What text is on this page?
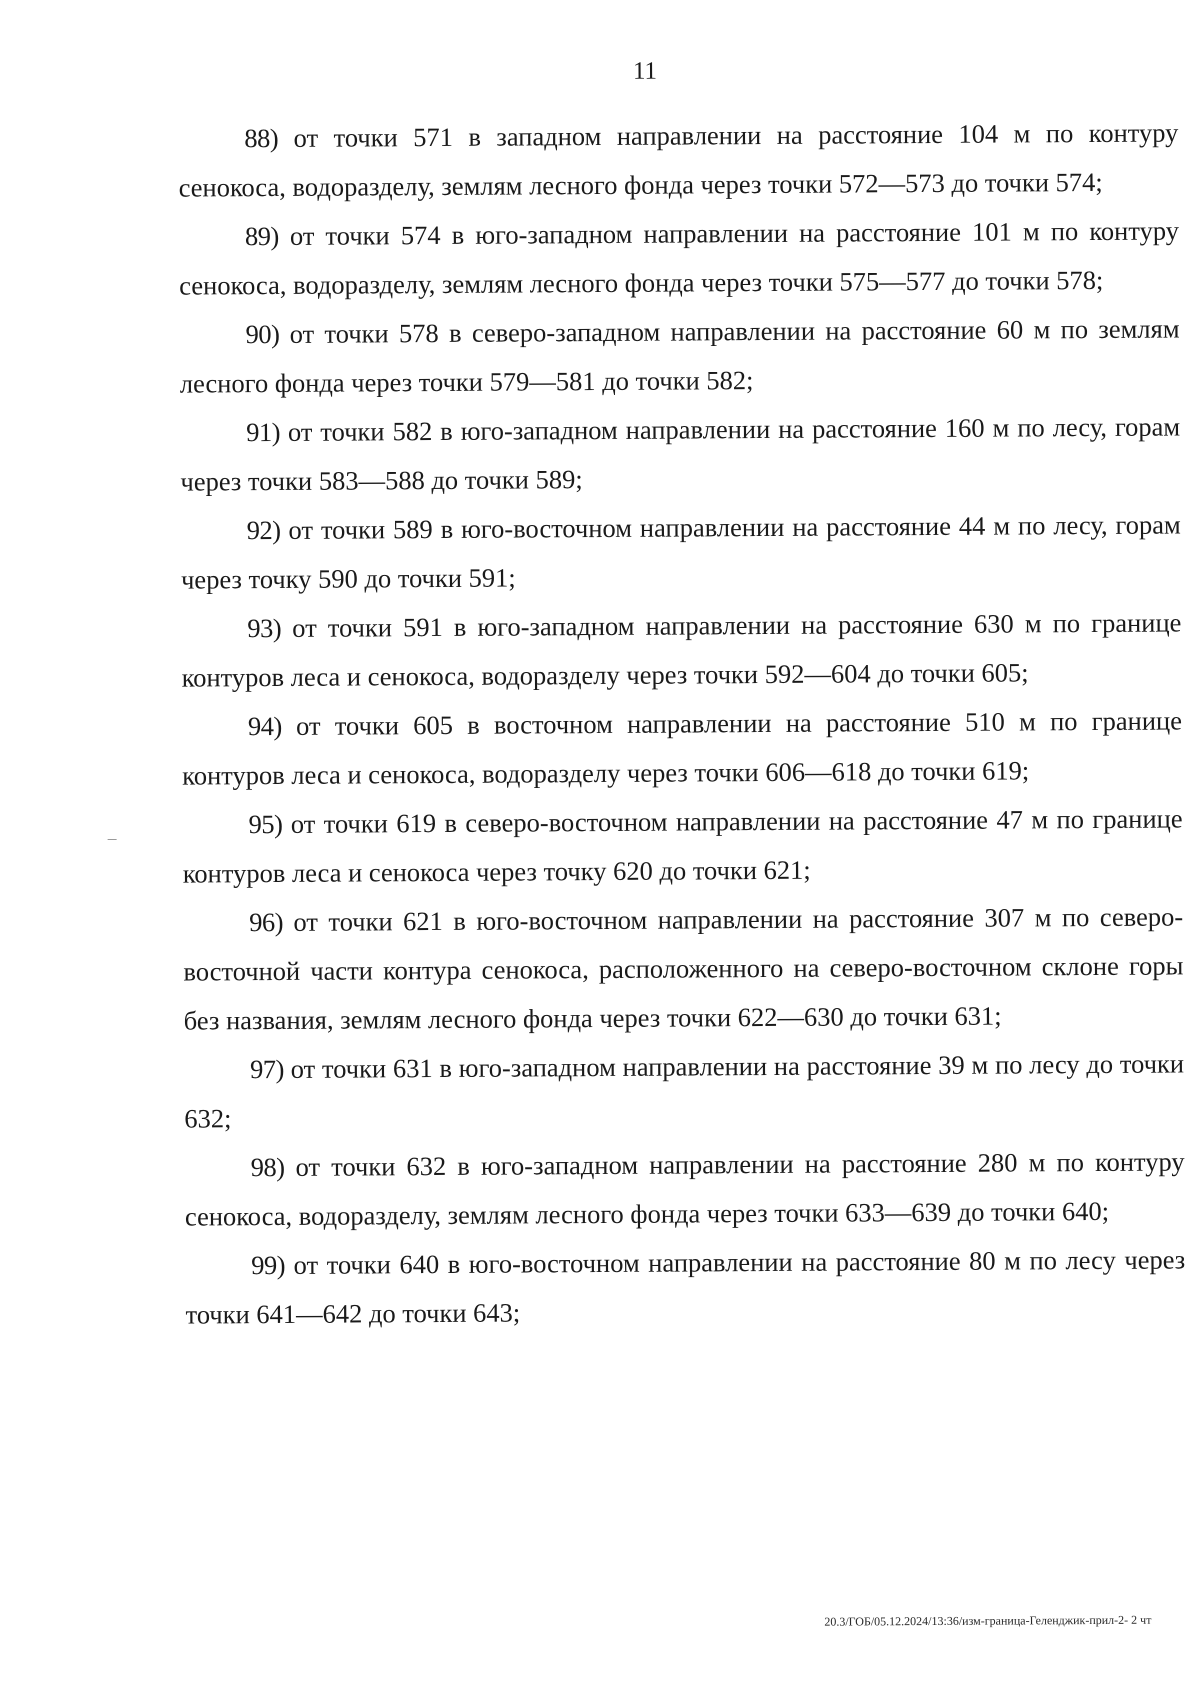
11

88) от точки 571 в западном направлении на расстояние 104 м по контуру сенокоса, водоразделу, землям лесного фонда через точки 572—573 до точки 574;

89) от точки 574 в юго-западном направлении на расстояние 101 м по контуру сенокоса, водоразделу, землям лесного фонда через точки 575—577 до точки 578;

90) от точки 578 в северо-западном направлении на расстояние 60 м по землям лесного фонда через точки 579—581 до точки 582;

91) от точки 582 в юго-западном направлении на расстояние 160 м по лесу, горам через точки 583—588 до точки 589;

92) от точки 589 в юго-восточном направлении на расстояние 44 м по лесу, горам через точку 590 до точки 591;

93) от точки 591 в юго-западном направлении на расстояние 630 м по границе контуров леса и сенокоса, водоразделу через точки 592—604 до точки 605;

94) от точки 605 в восточном направлении на расстояние 510 м по границе контуров леса и сенокоса, водоразделу через точки 606—618 до точки 619;

95) от точки 619 в северо-восточном направлении на расстояние 47 м по границе контуров леса и сенокоса через точку 620 до точки 621;

96) от точки 621 в юго-восточном направлении на расстояние 307 м по северо-восточной части контура сенокоса, расположенного на северо-восточном склоне горы без названия, землям лесного фонда через точки 622—630 до точки 631;

97) от точки 631 в юго-западном направлении на расстояние 39 м по лесу до точки 632;

98) от точки 632 в юго-западном направлении на расстояние 280 м по контуру сенокоса, водоразделу, землям лесного фонда через точки 633—639 до точки 640;

99) от точки 640 в юго-восточном направлении на расстояние 80 м по лесу через точки 641—642 до точки 643;

20.3/ГОБ/05.12.2024/13:36/изм-граница-Геленджик-прил-2- 2 чт
